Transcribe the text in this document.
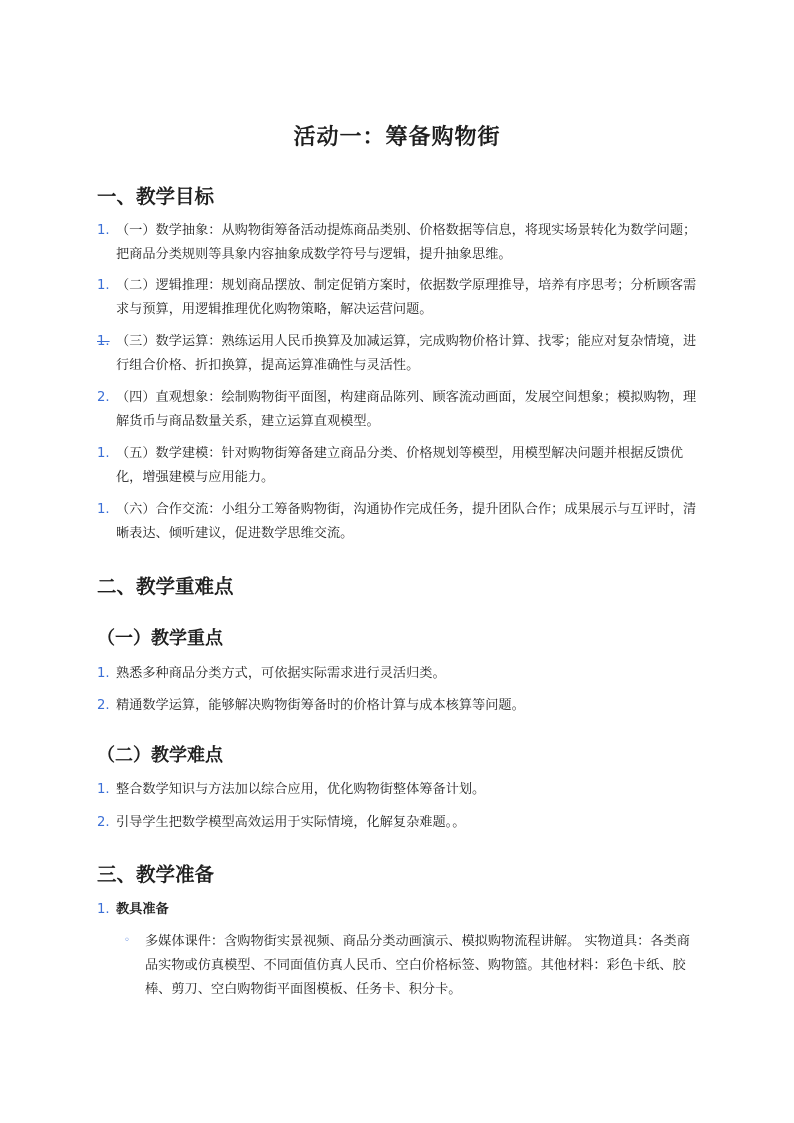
活动一：筹备购物街
一、教学目标
1. （一）数学抽象：从购物街筹备活动提炼商品类别、价格数据等信息，将现实场景转化为数学问题；把商品分类规则等具象内容抽象成数学符号与逻辑，提升抽象思维。
1. （二）逻辑推理：规划商品摆放、制定促销方案时，依据数学原理推导，培养有序思考；分析顾客需求与预算，用逻辑推理优化购物策略，解决运营问题。
1. （三）数学运算：熟练运用人民币换算及加减运算，完成购物价格计算、找零；能应对复杂情境，进行组合价格、折扣换算，提高运算准确性与灵活性。
2. （四）直观想象：绘制购物街平面图，构建商品陈列、顾客流动画面，发展空间想象；模拟购物，理解货币与商品数量关系，建立运算直观模型。
1. （五）数学建模：针对购物街筹备建立商品分类、价格规划等模型，用模型解决问题并根据反馈优化，增强建模与应用能力。
1. （六）合作交流：小组分工筹备购物街，沟通协作完成任务，提升团队合作；成果展示与互评时，清晰表达、倾听建议，促进数学思维交流。
二、教学重难点
（一）教学重点
1. 熟悉多种商品分类方式，可依据实际需求进行灵活归类。
2. 精通数学运算，能够解决购物街筹备时的价格计算与成本核算等问题。
（二）教学难点
1. 整合数学知识与方法加以综合应用，优化购物街整体筹备计划。
2. 引导学生把数学模型高效运用于实际情境，化解复杂难题。。
三、教学准备
1. 教具准备
◦ 多媒体课件：含购物街实景视频、商品分类动画演示、模拟购物流程讲解。 实物道具：各类商品实物或仿真模型、不同面值仿真人民币、空白价格标签、购物篮。其他材料：彩色卡纸、胶棒、剪刀、空白购物街平面图模板、任务卡、积分卡。
